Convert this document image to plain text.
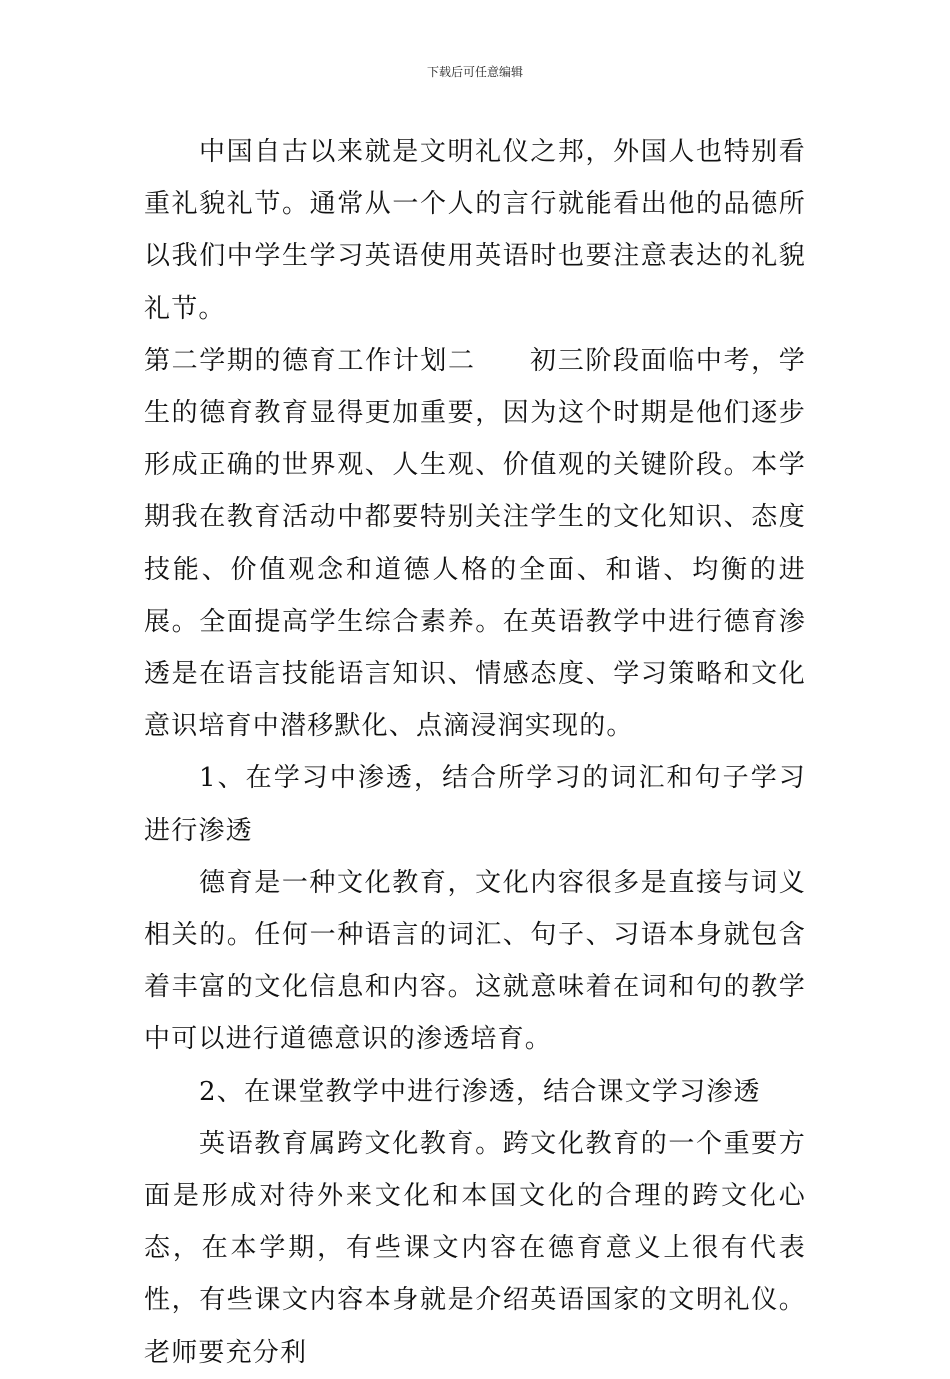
下载后可任意编辑

中国自古以来就是文明礼仪之邦，外国人也特别看重礼貌礼节。通常从一个人的言行就能看出他的品德所以我们中学生学习英语使用英语时也要注意表达的礼貌礼节。

第二学期的德育工作计划二 初三阶段面临中考，学生的德育教育显得更加重要，因为这个时期是他们逐步形成正确的世界观、人生观、价值观的关键阶段。本学期我在教育活动中都要特别关注学生的文化知识、态度技能、价值观念和道德人格的全面、和谐、均衡的进展。全面提高学生综合素养。在英语教学中进行德育渗透是在语言技能语言知识、情感态度、学习策略和文化意识培育中潜移默化、点滴浸润实现的。

1、在学习中渗透，结合所学习的词汇和句子学习进行渗透

德育是一种文化教育，文化内容很多是直接与词义相关的。任何一种语言的词汇、句子、习语本身就包含着丰富的文化信息和内容。这就意味着在词和句的教学中可以进行道德意识的渗透培育。

2、在课堂教学中进行渗透，结合课文学习渗透

英语教育属跨文化教育。跨文化教育的一个重要方面是形成对待外来文化和本国文化的合理的跨文化心态，在本学期，有些课文内容在德育意义上很有代表性，有些课文内容本身就是介绍英语国家的文明礼仪。老师要充分利
